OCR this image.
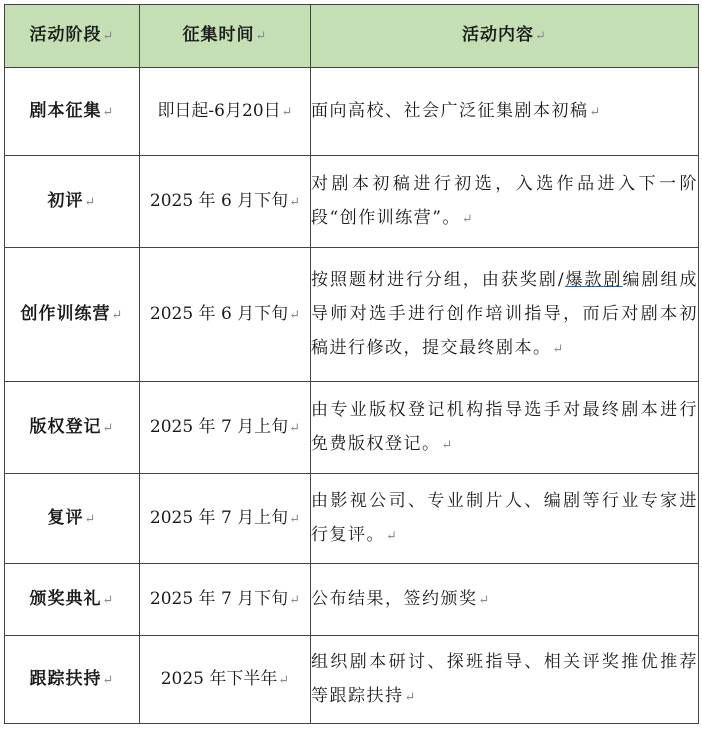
活动阶段↵	征集时间↵	活动内容↵
剧本征集↵	即日起-6月20日↵	面向高校、社会广泛征集剧本初稿↵
初评↵	2025 年 6 月下旬↵	对剧本初稿进行初选，入选作品进入下一阶段“创作训练营”。↵
创作训练营↵	2025 年 6 月下旬↵	按照题材进行分组，由获奖剧/爆款剧编剧组成导师对选手进行创作培训指导，而后对剧本初稿进行修改，提交最终剧本。↵
版权登记↵	2025 年 7 月上旬↵	由专业版权登记机构指导选手对最终剧本进行免费版权登记。↵
复评↵	2025 年 7 月上旬↵	由影视公司、专业制片人、编剧等行业专家进行复评。↵
颁奖典礼↵	2025 年 7 月下旬↵	公布结果，签约颁奖↵
跟踪扶持↵	2025 年下半年↵	组织剧本研讨、探班指导、相关评奖推优推荐等跟踪扶持↵
